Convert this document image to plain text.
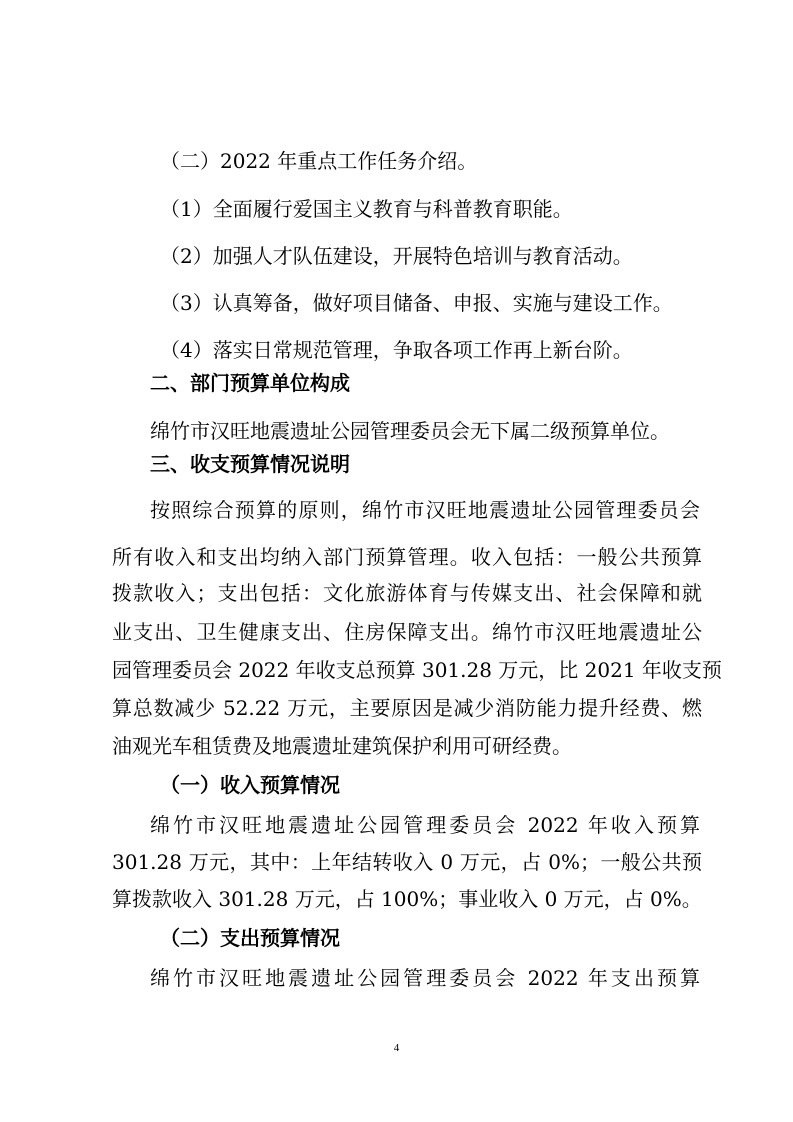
（二）2022 年重点工作任务介绍。
（1）全面履行爱国主义教育与科普教育职能。
（2）加强人才队伍建设，开展特色培训与教育活动。
（3）认真筹备，做好项目储备、申报、实施与建设工作。
（4）落实日常规范管理，争取各项工作再上新台阶。
二、部门预算单位构成
绵竹市汉旺地震遗址公园管理委员会无下属二级预算单位。
三、收支预算情况说明
按照综合预算的原则，绵竹市汉旺地震遗址公园管理委员会
所有收入和支出均纳入部门预算管理。收入包括：一般公共预算
拨款收入；支出包括：文化旅游体育与传媒支出、社会保障和就
业支出、卫生健康支出、住房保障支出。绵竹市汉旺地震遗址公
园管理委员会 2022 年收支总预算 301.28 万元，比 2021 年收支预
算总数减少 52.22 万元，主要原因是减少消防能力提升经费、燃
油观光车租赁费及地震遗址建筑保护利用可研经费。
（一）收入预算情况
绵竹市汉旺地震遗址公园管理委员会 2022 年收入预算
301.28 万元，其中：上年结转收入 0 万元，占 0%；一般公共预
算拨款收入 301.28 万元，占 100%；事业收入 0 万元，占 0%。
（二）支出预算情况
绵竹市汉旺地震遗址公园管理委员会 2022 年支出预算
4
